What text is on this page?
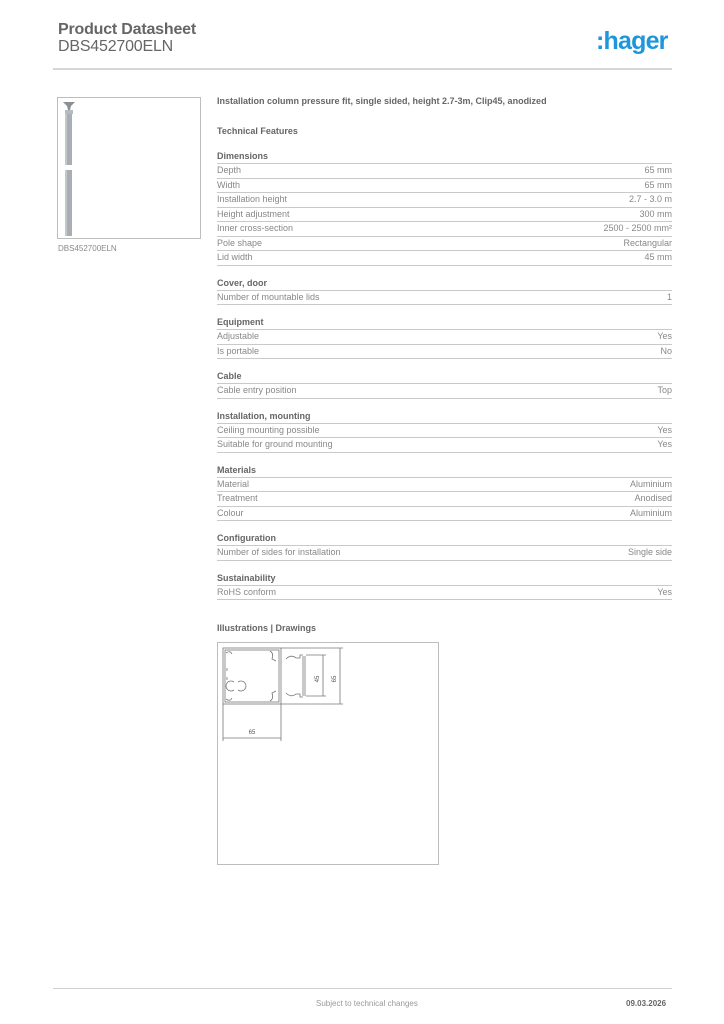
Product Datasheet
DBS452700ELN	:hager
DBS452700ELN
Installation column pressure fit, single sided, height 2.7-3m, Clip45, anodized
Technical Features
Dimensions
Depth	65 mm
Width	65 mm
Installation height	2.7 - 3.0 m
Height adjustment	300 mm
Inner cross-section	2500 - 2500 mm²
Pole shape	Rectangular
Lid width	45 mm
Cover, door
Number of mountable lids	1
Equipment
Adjustable	Yes
Is portable	No
Cable
Cable entry position	Top
Installation, mounting
Ceiling mounting possible	Yes
Suitable for ground mounting	Yes
Materials
Material	Aluminium
Treatment	Anodised
Colour	Aluminium
Configuration
Number of sides for installation	Single side
Sustainability
RoHS conform	Yes
Illustrations | Drawings
45 65
65
Subject to technical changes	09.03.2026
